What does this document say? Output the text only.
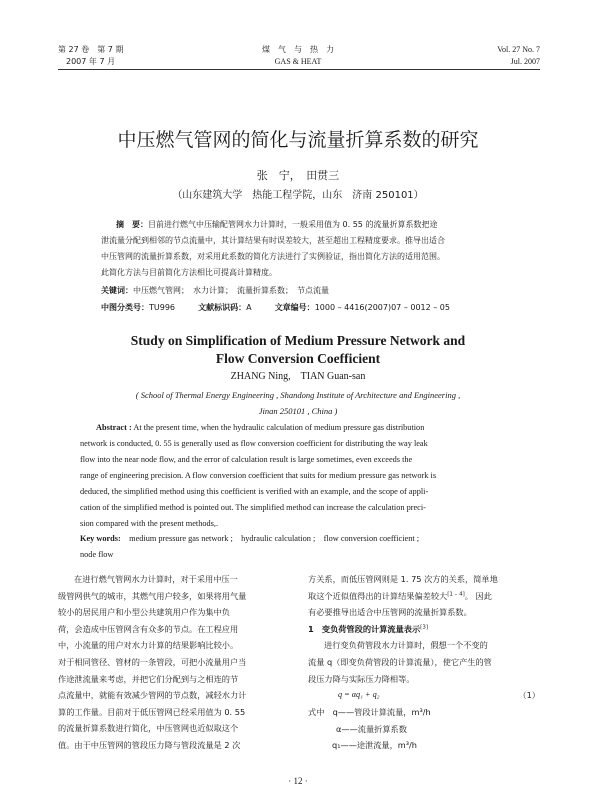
第 27 卷　第 7 期
2007 年 7 月
煤　气　与　热　力
GAS & HEAT
Vol. 27 No. 7
Jul. 2007
中压燃气管网的简化与流量折算系数的研究
张　宁，　田贯三
（山东建筑大学　热能工程学院，山东　济南 250101）
摘　要：目前进行燃气中压输配管网水力计算时，一般采用值为 0. 55 的流量折算系数把途
泄流量分配到相邻的节点流量中，其计算结果有时误差较大，甚至超出工程精度要求。推导出适合
中压管网的流量折算系数，对采用此系数的简化方法进行了实例验证，指出简化方法的适用范围。
此简化方法与目前简化方法相比可提高计算精度。
关键词：中压燃气管网；　水力计算；　流量折算系数；　节点流量
中图分类号：TU996	文献标识码：A	文章编号：1000 – 4416(2007)07 – 0012 – 05
Study on Simplification of Medium Pressure Network and
Flow Conversion Coefficient
ZHANG Ning,　TIAN Guan-san
( School of Thermal Energy Engineering , Shandong Institute of Architecture and Engineering ,
Jinan 250101 , China )
Abstract : At the present time, when the hydraulic calculation of medium pressure gas distribution
network is conducted, 0. 55 is generally used as flow conversion coefficient for distributing the way leak
flow into the near node flow, and the error of calculation result is large sometimes, even exceeds the
range of engineering precision. A flow conversion coefficient that suits for medium pressure gas network is
deduced, the simplified method using this coefficient is verified with an example, and the scope of appli-
cation of the simplified method is pointed out. The simplified method can increase the calculation preci-
sion compared with the present methods,.
Key words:　 medium pressure gas network ;　hydraulic calculation ;　flow conversion coefficient ;
node flow
在进行燃气管网水力计算时，对于采用中压一
级管网供气的城市，其燃气用户较多，如果将用气量
较小的居民用户和小型公共建筑用户作为集中负
荷，会造成中压管网含有众多的节点。在工程应用
中，小流量的用户对水力计算的结果影响比较小。
对于相同管径、管材的一条管段，可把小流量用户当
作途泄流量来考虑，并把它们分配到与之相连的节
点流量中，就能有效减少管网的节点数，减轻水力计
算的工作量。目前对于低压管网已经采用值为 0. 55
的流量折算系数进行简化，中压管网也近似取这个
值。由于中压管网的管段压力降与管段流量是 2 次
方关系，而低压管网则是 1. 75 次方的关系，简单地
取这个近似值得出的计算结果偏差较大[1 – 4]。 因此
有必要推导出适合中压管网的流量折算系数。
1　 变负荷管段的计算流量表示[3]
进行变负荷管段水力计算时，假想一个不变的
流量 q（即变负荷管段的计算流量），使它产生的管
段压力降与实际压力降相等。
q = αq₁ + q₂	（1）
式中　 q——管段计算流量，m³/h
α——流量折算系数
q₁——途泄流量，m³/h
· 12 ·
